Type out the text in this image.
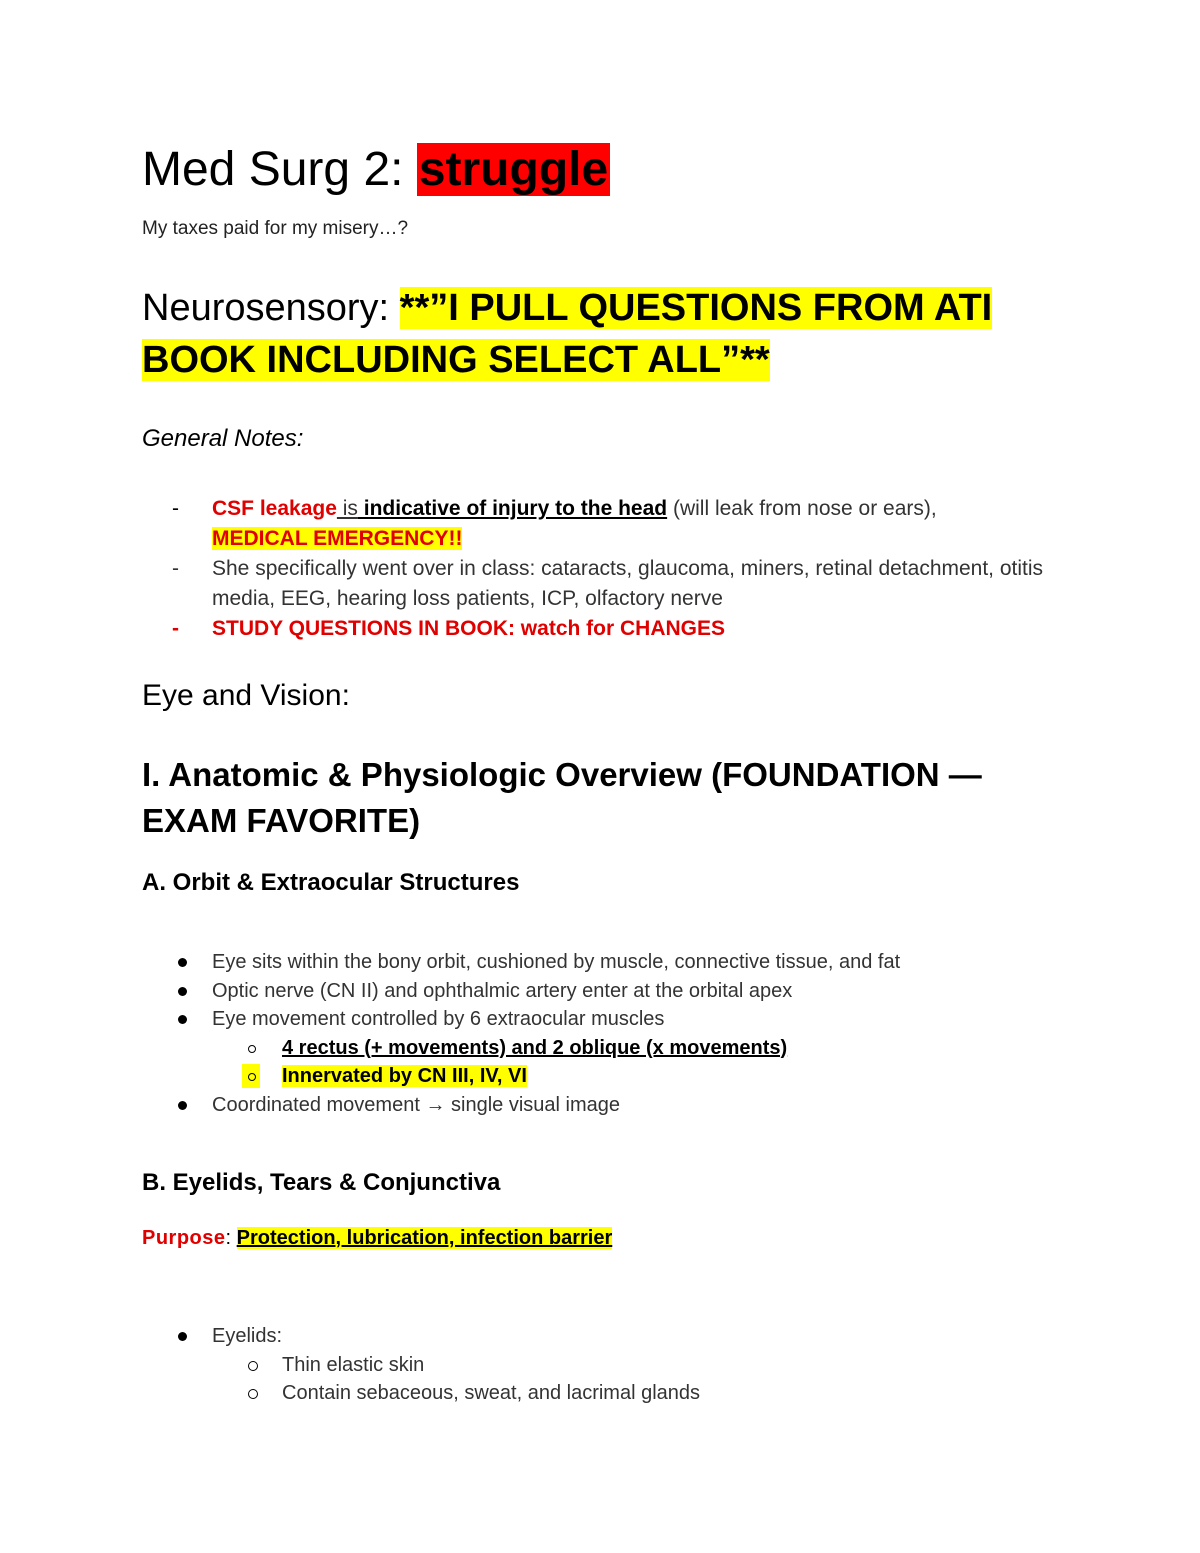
Med Surg 2: struggle
My taxes paid for my misery…?
Neurosensory: **”I PULL QUESTIONS FROM ATI
BOOK INCLUDING SELECT ALL”**
General Notes:
- CSF leakage is indicative of injury to the head (will leak from nose or ears),
MEDICAL EMERGENCY!!
- She specifically went over in class: cataracts, glaucoma, miners, retinal detachment, otitis media, EEG, hearing loss patients, ICP, olfactory nerve
- STUDY QUESTIONS IN BOOK: watch for CHANGES
Eye and Vision:
I. Anatomic & Physiologic Overview (FOUNDATION — EXAM FAVORITE)
A. Orbit & Extraocular Structures
Eye sits within the bony orbit, cushioned by muscle, connective tissue, and fat
Optic nerve (CN II) and ophthalmic artery enter at the orbital apex
Eye movement controlled by 6 extraocular muscles
4 rectus (+ movements) and 2 oblique (x movements)
Innervated by CN III, IV, VI
Coordinated movement → single visual image
B. Eyelids, Tears & Conjunctiva
Purpose: Protection, lubrication, infection barrier
Eyelids:
Thin elastic skin
Contain sebaceous, sweat, and lacrimal glands
